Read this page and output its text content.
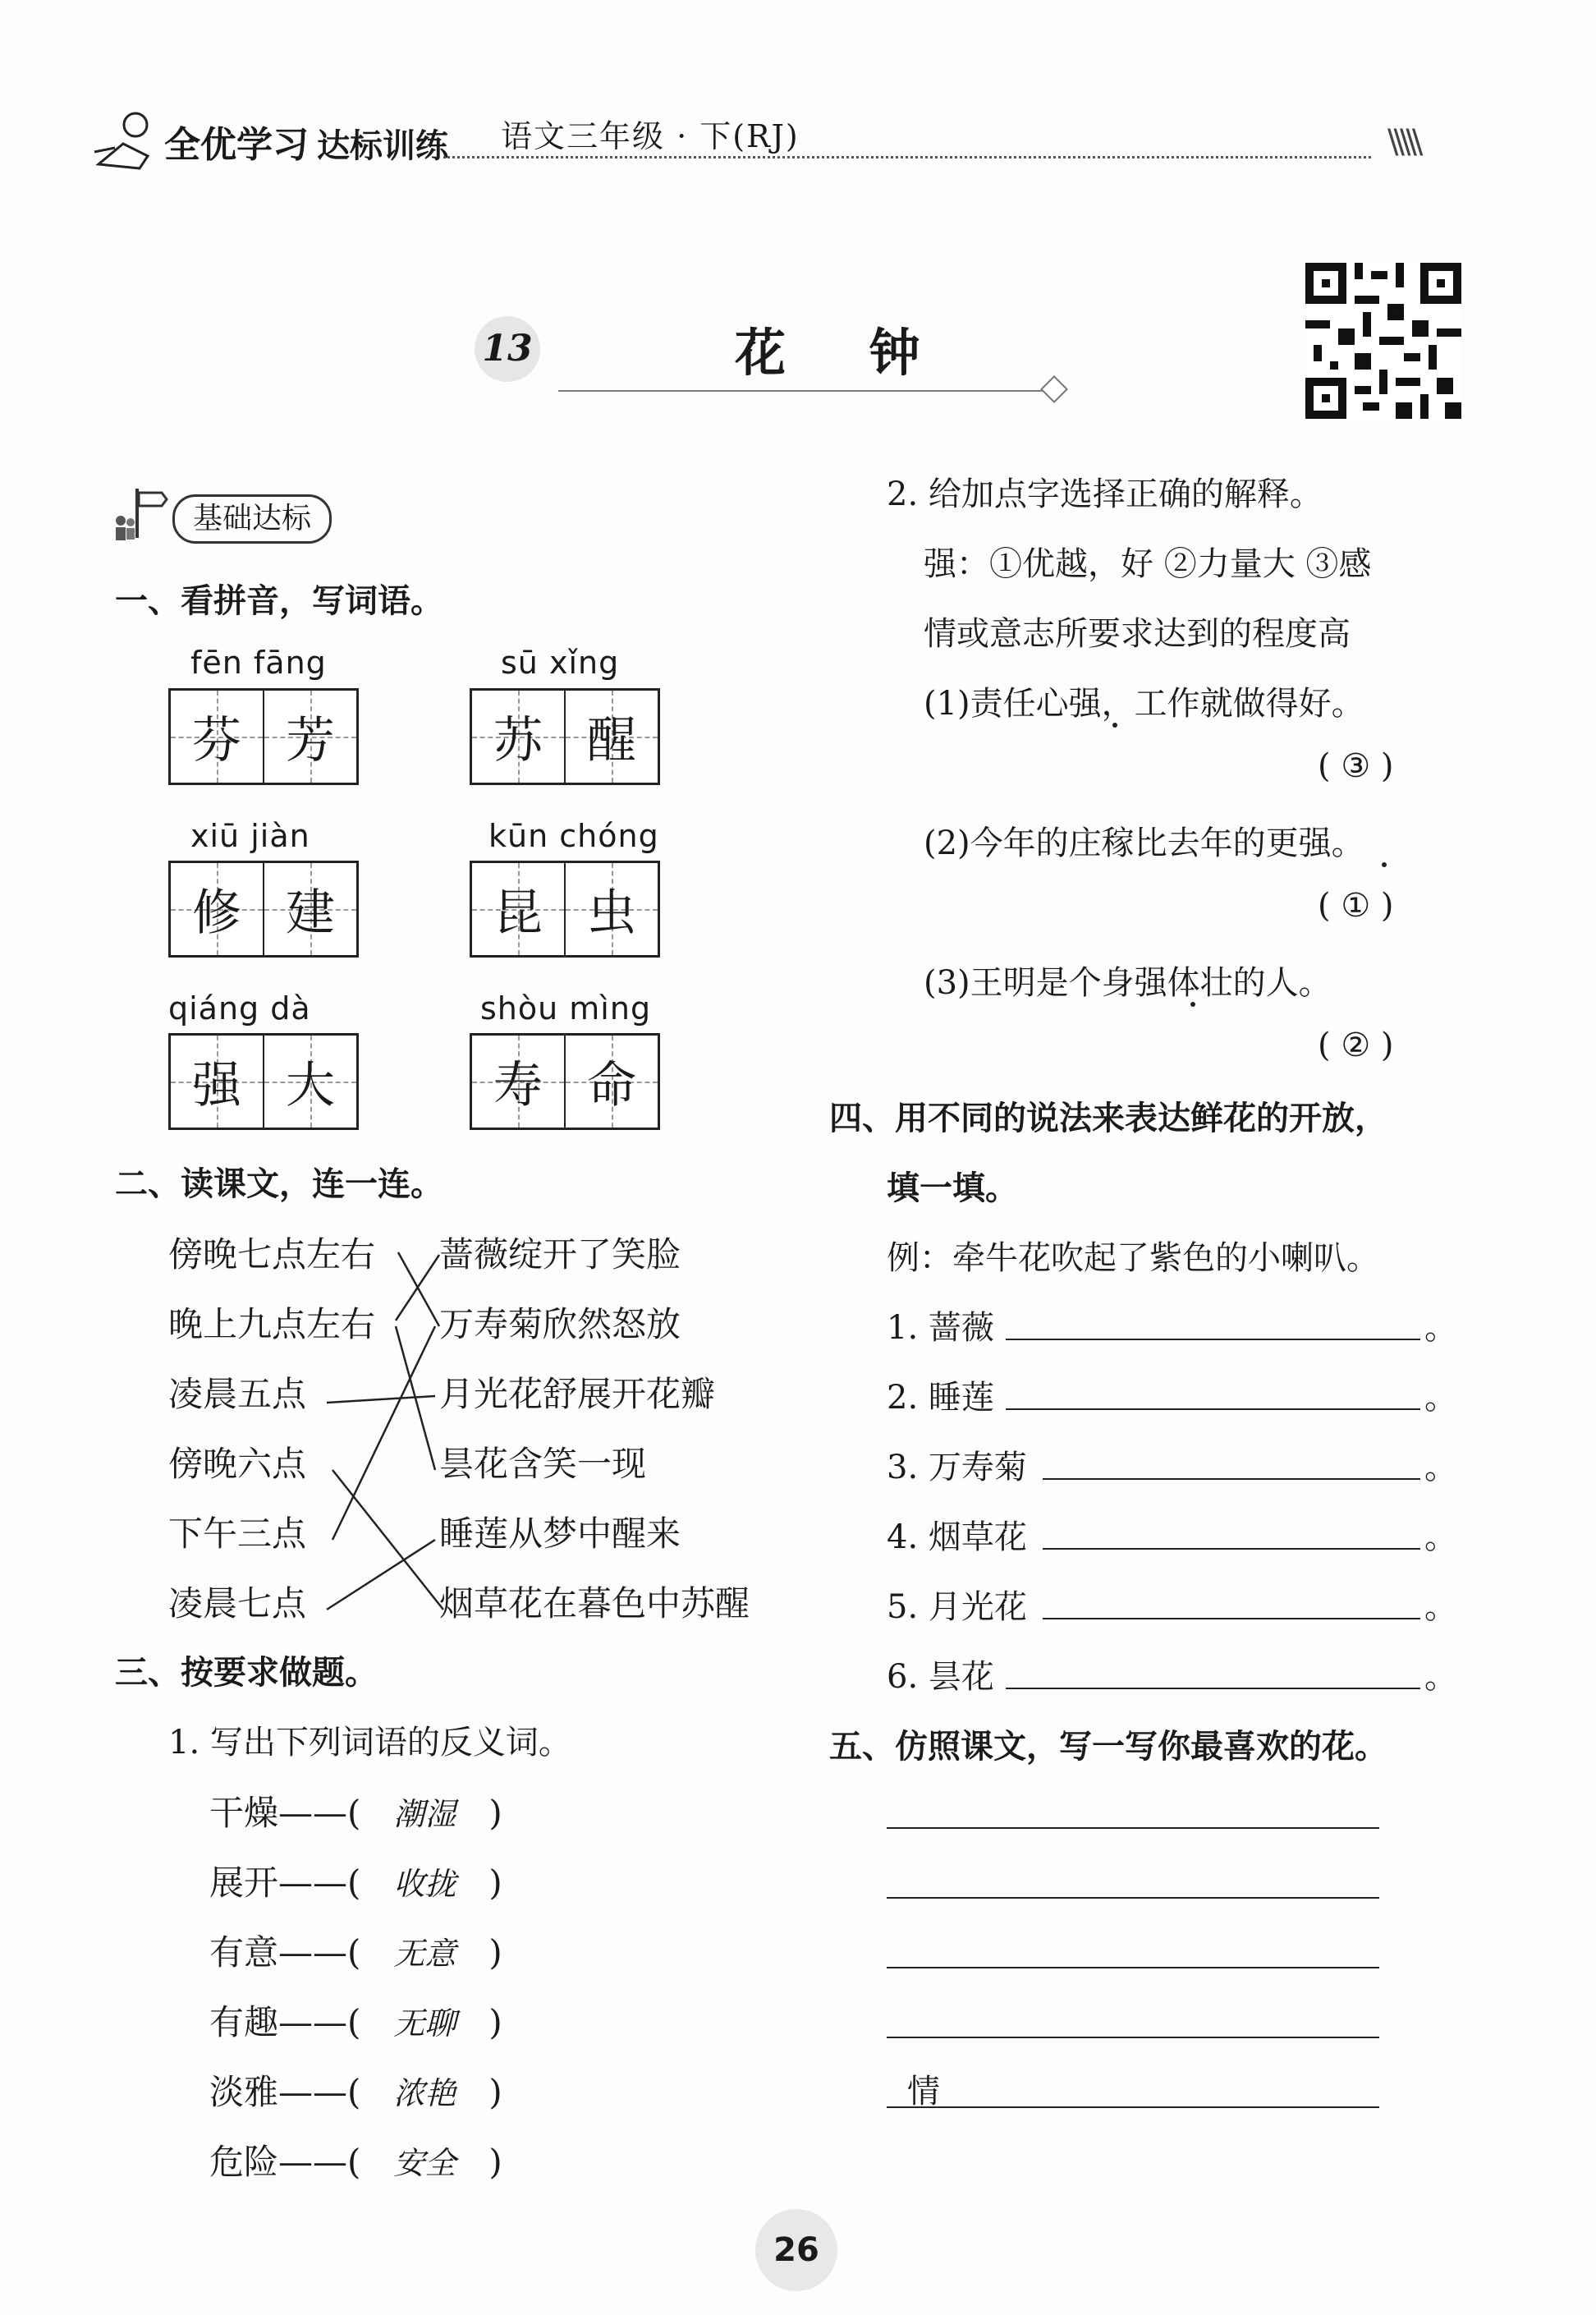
全优学习 达标训练 语文三年级 · 下(RJ)	\\\\\
13	花 钟
基础达标
一、看拼音，写词语。
fēn fāng
芬 芳
sū xǐng
苏 醒
xiū jiàn
修 建
kūn chóng
昆 虫
qiáng dà
强 大
shòu mìng
寿 命
二、读课文，连一连。
傍晚七点左右
晚上九点左右
凌晨五点
傍晚六点
下午三点
凌晨七点
蔷薇绽开了笑脸
万寿菊欣然怒放
月光花舒展开花瓣
昙花含笑一现
睡莲从梦中醒来
烟草花在暮色中苏醒
三、按要求做题。
1. 写出下列词语的反义词。
干燥——( 潮湿 )
展开——( 收拢 )
有意——( 无意 )
有趣——( 无聊 )
淡雅——( 浓艳 )
危险——( 安全 )
2. 给加点字选择正确的解释。
强：①优越，好 ②力量大 ③感
情或意志所要求达到的程度高
(1)责任心强，工作就做得好。
( ③ )
(2)今年的庄稼比去年的更强。
( ① )
(3)王明是个身强体壮的人。
( ② )
四、用不同的说法来表达鲜花的开放，
填一填。
例：牵牛花吹起了紫色的小喇叭。
1. 蔷薇	。
2. 睡莲	。
3. 万寿菊	。
4. 烟草花	。
5. 月光花	。
6. 昙花	。
五、仿照课文，写一写你最喜欢的花。
情
26
